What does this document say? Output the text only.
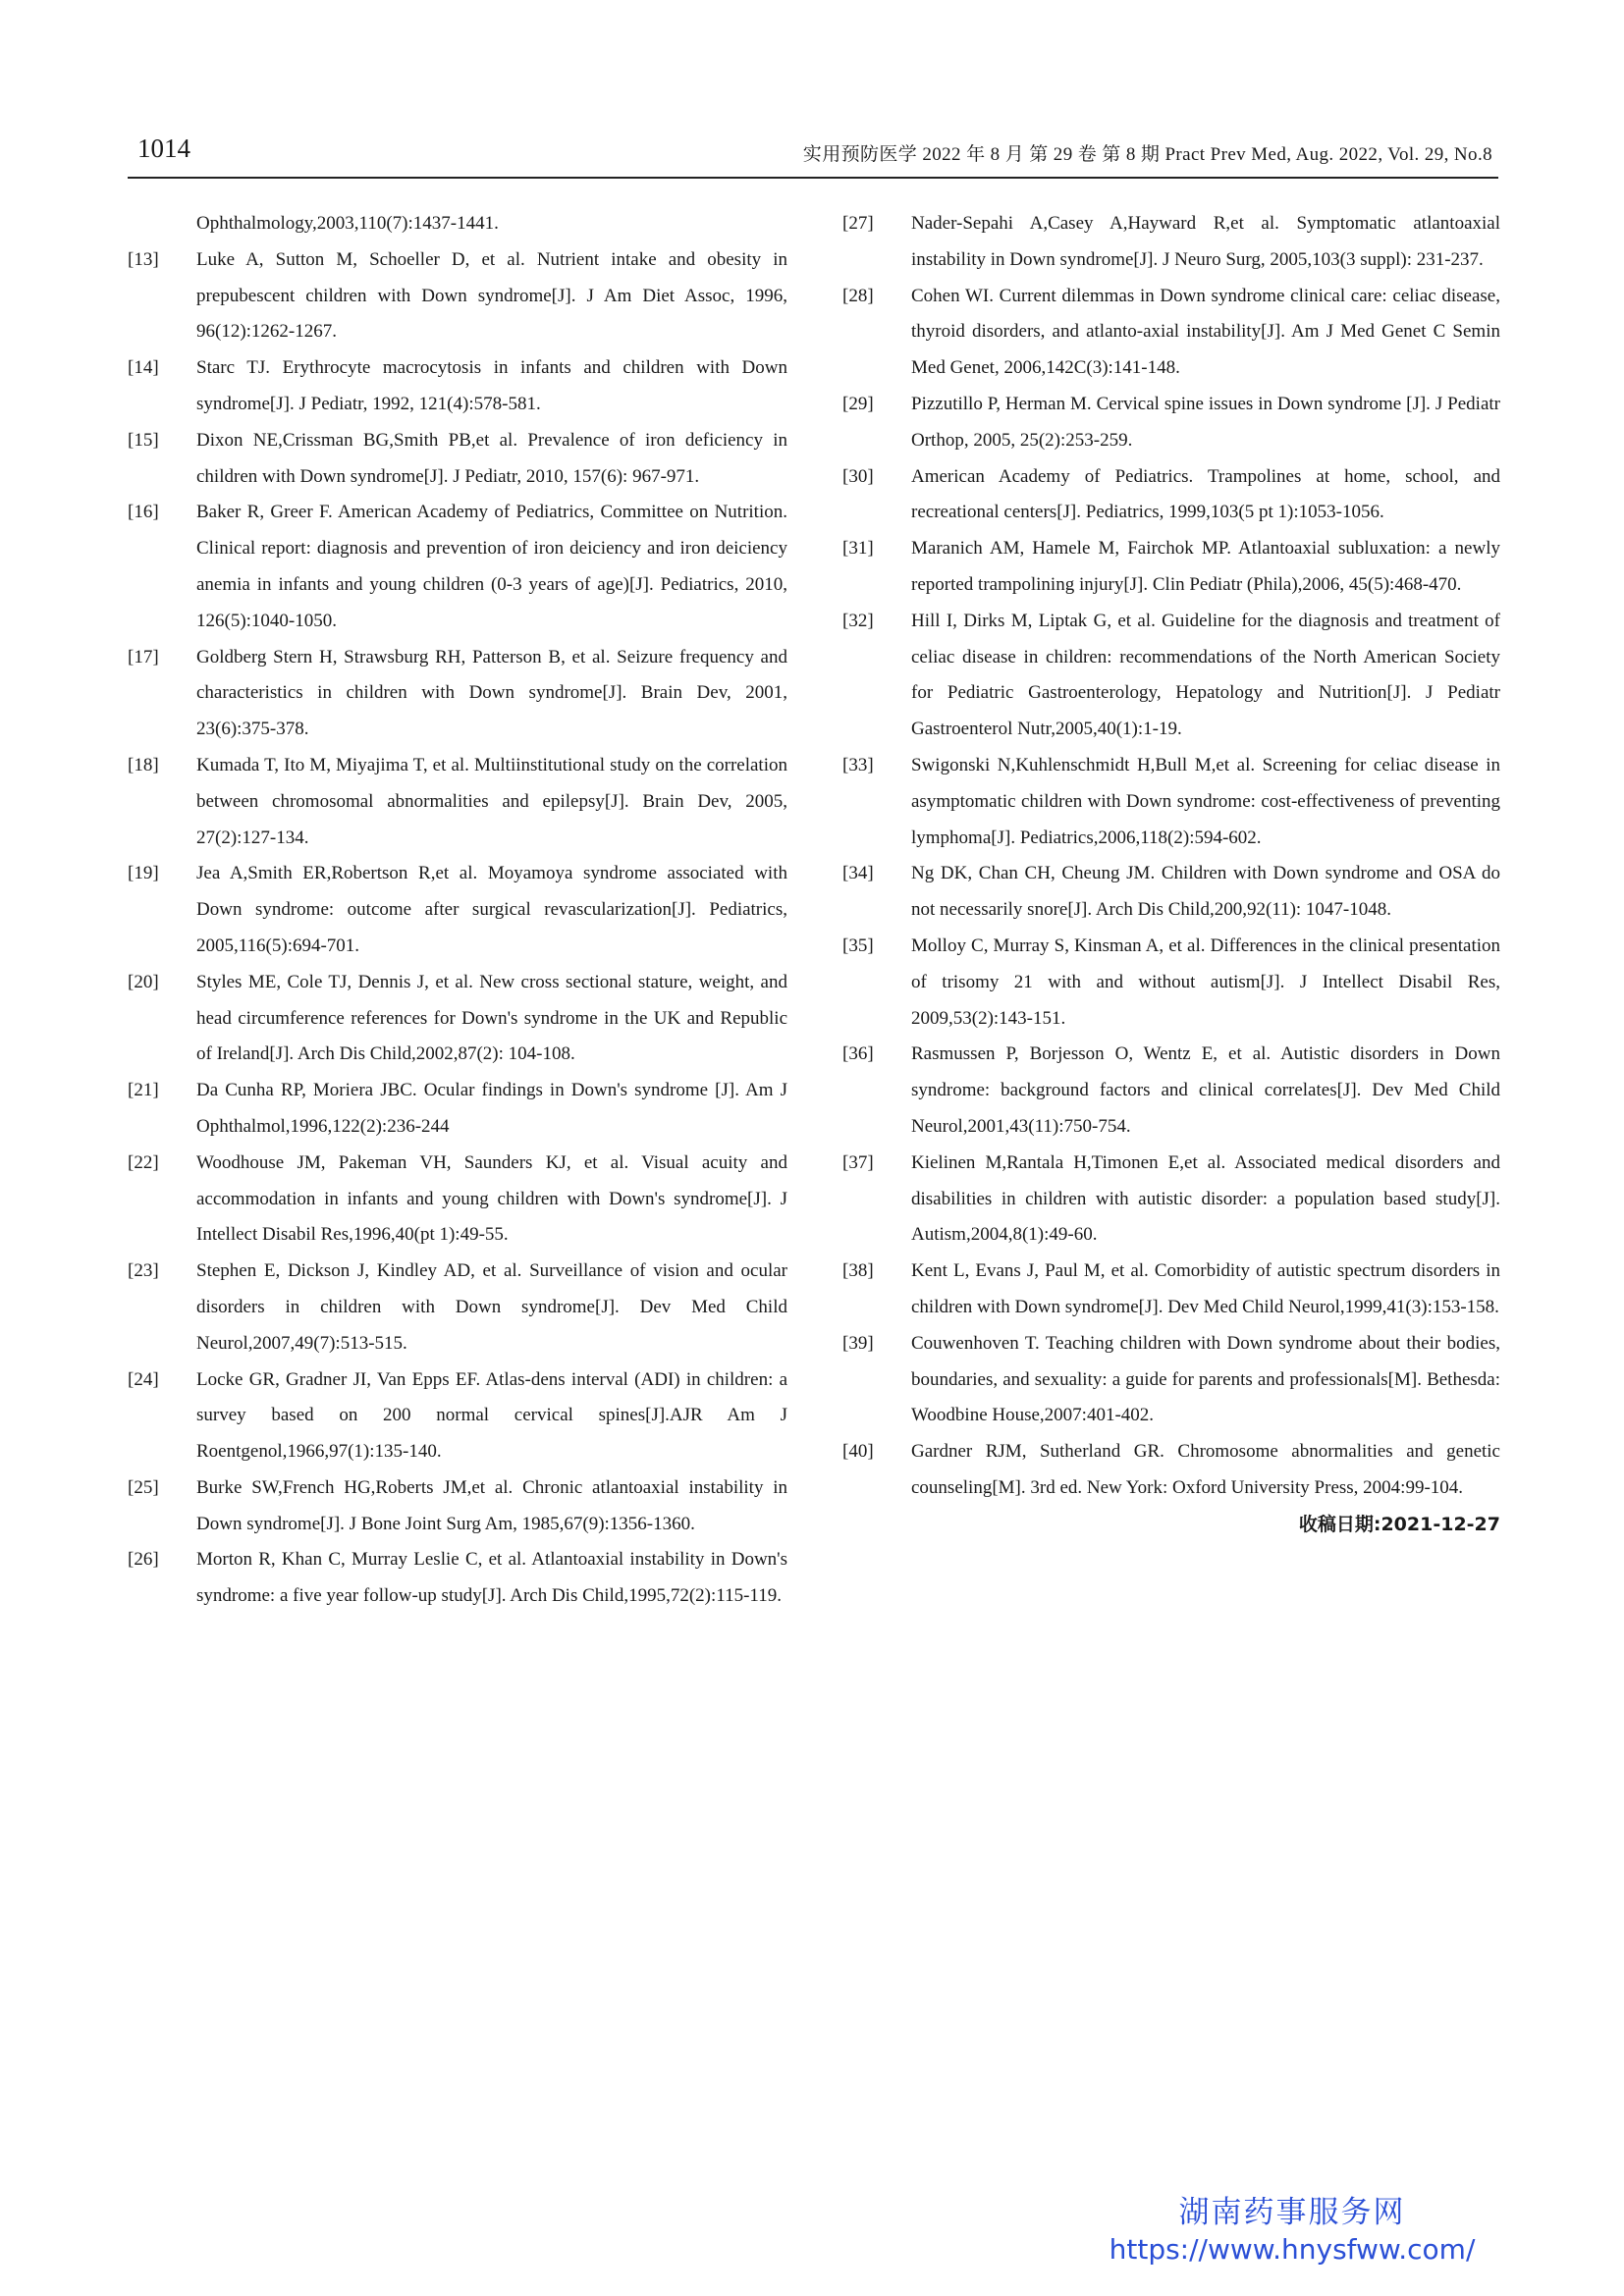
1014	实用预防医学 2022 年 8 月 第 29 卷 第 8 期 Pract Prev Med, Aug. 2022, Vol. 29, No.8
Ophthalmology,2003,110(7):1437-1441.
[13] Luke A, Sutton M, Schoeller D, et al. Nutrient intake and obesity in prepubescent children with Down syndrome[J]. J Am Diet Assoc, 1996, 96(12):1262-1267.
[14] Starc TJ. Erythrocyte macrocytosis in infants and children with Down syndrome[J]. J Pediatr, 1992, 121(4):578-581.
[15] Dixon NE,Crissman BG,Smith PB,et al. Prevalence of iron deficiency in children with Down syndrome[J]. J Pediatr, 2010, 157(6): 967-971.
[16] Baker R, Greer F. American Academy of Pediatrics, Committee on Nutrition. Clinical report: diagnosis and prevention of iron deiciency and iron deiciency anemia in infants and young children (0-3 years of age)[J]. Pediatrics, 2010, 126(5):1040-1050.
[17] Goldberg Stern H, Strawsburg RH, Patterson B, et al. Seizure frequency and characteristics in children with Down syndrome[J]. Brain Dev, 2001, 23(6):375-378.
[18] Kumada T, Ito M, Miyajima T, et al. Multiinstitutional study on the correlation between chromosomal abnormalities and epilepsy[J]. Brain Dev, 2005, 27(2):127-134.
[19] Jea A,Smith ER,Robertson R,et al. Moyamoya syndrome associated with Down syndrome: outcome after surgical revascularization[J]. Pediatrics, 2005,116(5):694-701.
[20] Styles ME, Cole TJ, Dennis J, et al. New cross sectional stature, weight, and head circumference references for Down's syndrome in the UK and Republic of Ireland[J]. Arch Dis Child,2002,87(2): 104-108.
[21] Da Cunha RP, Moriera JBC. Ocular findings in Down's syndrome [J]. Am J Ophthalmol,1996,122(2):236-244
[22] Woodhouse JM, Pakeman VH, Saunders KJ, et al. Visual acuity and accommodation in infants and young children with Down's syndrome[J]. J Intellect Disabil Res,1996,40(pt 1):49-55.
[23] Stephen E, Dickson J, Kindley AD, et al. Surveillance of vision and ocular disorders in children with Down syndrome[J]. Dev Med Child Neurol,2007,49(7):513-515.
[24] Locke GR, Gradner JI, Van Epps EF. Atlas-dens interval (ADI) in children: a survey based on 200 normal cervical spines[J].AJR Am J Roentgenol,1966,97(1):135-140.
[25] Burke SW,French HG,Roberts JM,et al. Chronic atlantoaxial instability in Down syndrome[J]. J Bone Joint Surg Am, 1985,67(9):1356-1360.
[26] Morton R, Khan C, Murray Leslie C, et al. Atlantoaxial instability in Down's syndrome: a five year follow-up study[J]. Arch Dis Child,1995,72(2):115-119.
[27] Nader-Sepahi A,Casey A,Hayward R,et al. Symptomatic atlantoaxial instability in Down syndrome[J]. J Neuro Surg, 2005,103(3 suppl): 231-237.
[28] Cohen WI. Current dilemmas in Down syndrome clinical care: celiac disease, thyroid disorders, and atlanto-axial instability[J]. Am J Med Genet C Semin Med Genet, 2006,142C(3):141-148.
[29] Pizzutillo P, Herman M. Cervical spine issues in Down syndrome [J]. J Pediatr Orthop, 2005, 25(2):253-259.
[30] American Academy of Pediatrics. Trampolines at home, school, and recreational centers[J]. Pediatrics, 1999,103(5 pt 1):1053-1056.
[31] Maranich AM, Hamele M, Fairchok MP. Atlantoaxial subluxation: a newly reported trampolining injury[J]. Clin Pediatr (Phila),2006, 45(5):468-470.
[32] Hill I, Dirks M, Liptak G, et al. Guideline for the diagnosis and treatment of celiac disease in children: recommendations of the North American Society for Pediatric Gastroenterology, Hepatology and Nutrition[J]. J Pediatr Gastroenterol Nutr,2005,40(1):1-19.
[33] Swigonski N,Kuhlenschmidt H,Bull M,et al. Screening for celiac disease in asymptomatic children with Down syndrome: cost-effectiveness of preventing lymphoma[J]. Pediatrics,2006,118(2):594-602.
[34] Ng DK, Chan CH, Cheung JM. Children with Down syndrome and OSA do not necessarily snore[J]. Arch Dis Child,200,92(11): 1047-1048.
[35] Molloy C, Murray S, Kinsman A, et al. Differences in the clinical presentation of trisomy 21 with and without autism[J]. J Intellect Disabil Res, 2009,53(2):143-151.
[36] Rasmussen P, Borjesson O, Wentz E, et al. Autistic disorders in Down syndrome: background factors and clinical correlates[J]. Dev Med Child Neurol,2001,43(11):750-754.
[37] Kielinen M,Rantala H,Timonen E,et al. Associated medical disorders and disabilities in children with autistic disorder: a population based study[J]. Autism,2004,8(1):49-60.
[38] Kent L, Evans J, Paul M, et al. Comorbidity of autistic spectrum disorders in children with Down syndrome[J]. Dev Med Child Neurol,1999,41(3):153-158.
[39] Couwenhoven T. Teaching children with Down syndrome about their bodies, boundaries, and sexuality: a guide for parents and professionals[M]. Bethesda: Woodbine House,2007:401-402.
[40] Gardner RJM, Sutherland GR. Chromosome abnormalities and genetic counseling[M]. 3rd ed. New York: Oxford University Press, 2004:99-104.
收稿日期:2021-12-27
湖南药事服务网
https://www.hnysfww.com/
